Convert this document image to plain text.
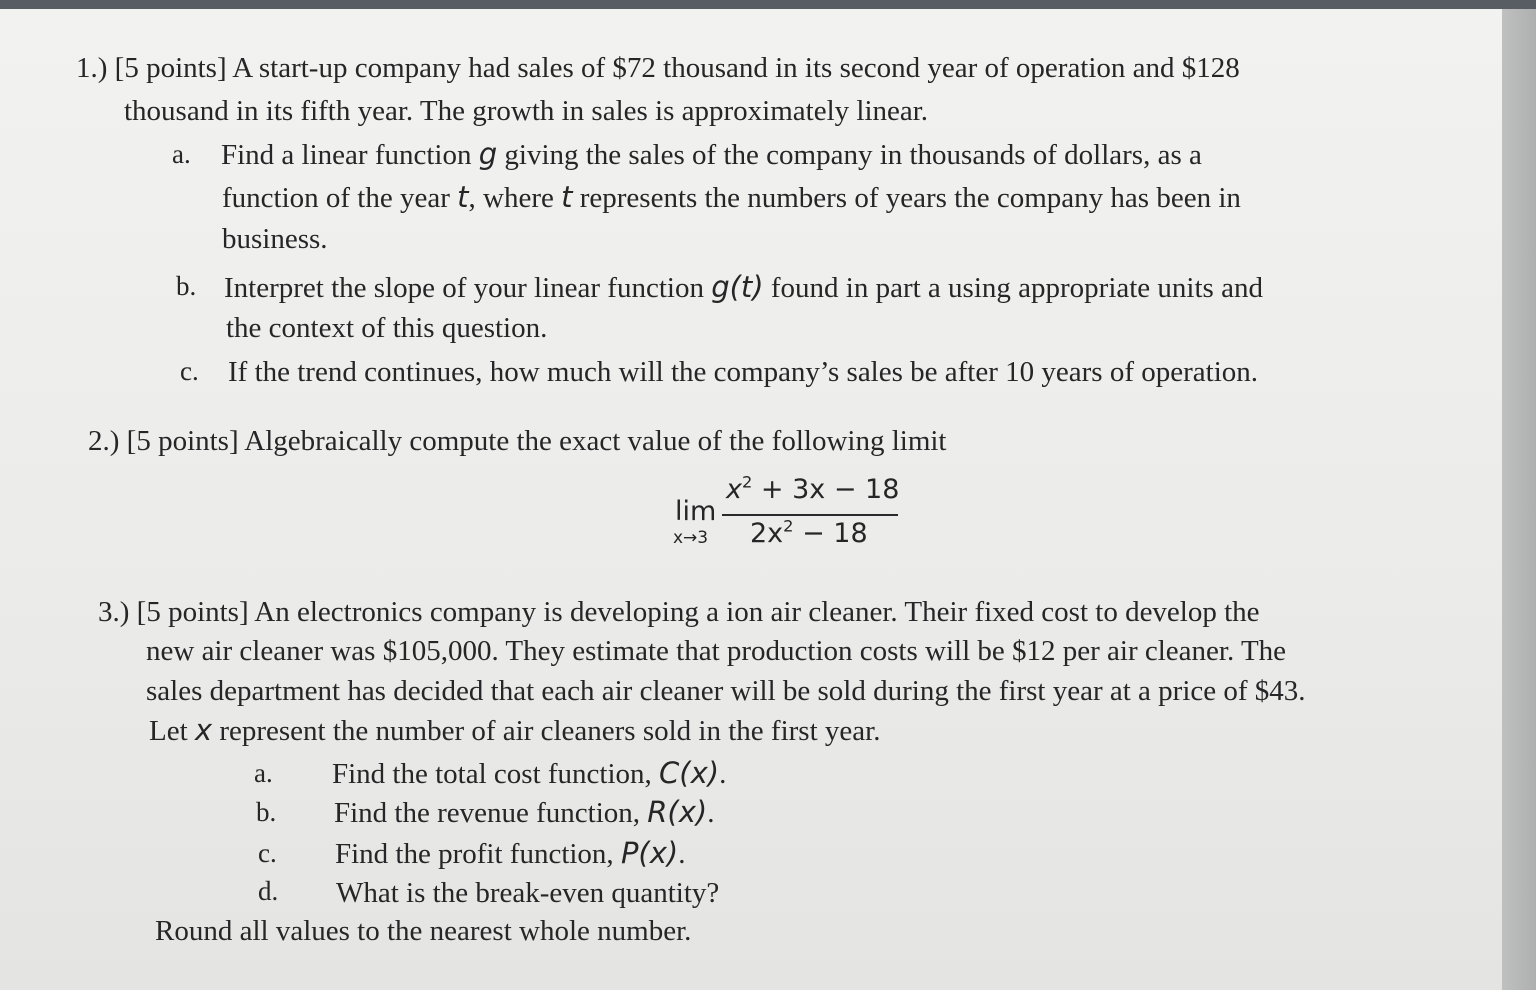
1.) [5 points] A start-up company had sales of $72 thousand in its second year of operation and $128
thousand in its fifth year. The growth in sales is approximately linear.
a. Find a linear function g giving the sales of the company in thousands of dollars, as a
function of the year t, where t represents the numbers of years the company has been in
business.
b. Interpret the slope of your linear function g(t) found in part a using appropriate units and
the context of this question.
c. If the trend continues, how much will the company’s sales be after 10 years of operation.
2.) [5 points] Algebraically compute the exact value of the following limit
lim
x→3
$x^2 + 3x - 18$
$2x^2 - 18$
3.) [5 points] An electronics company is developing a ion air cleaner. Their fixed cost to develop the
new air cleaner was $105,000. They estimate that production costs will be $12 per air cleaner. The
sales department has decided that each air cleaner will be sold during the first year at a price of $43.
Let x represent the number of air cleaners sold in the first year.
a. Find the total cost function, C(x).
b. Find the revenue function, R(x).
c. Find the profit function, P(x).
d. What is the break-even quantity?
Round all values to the nearest whole number.
